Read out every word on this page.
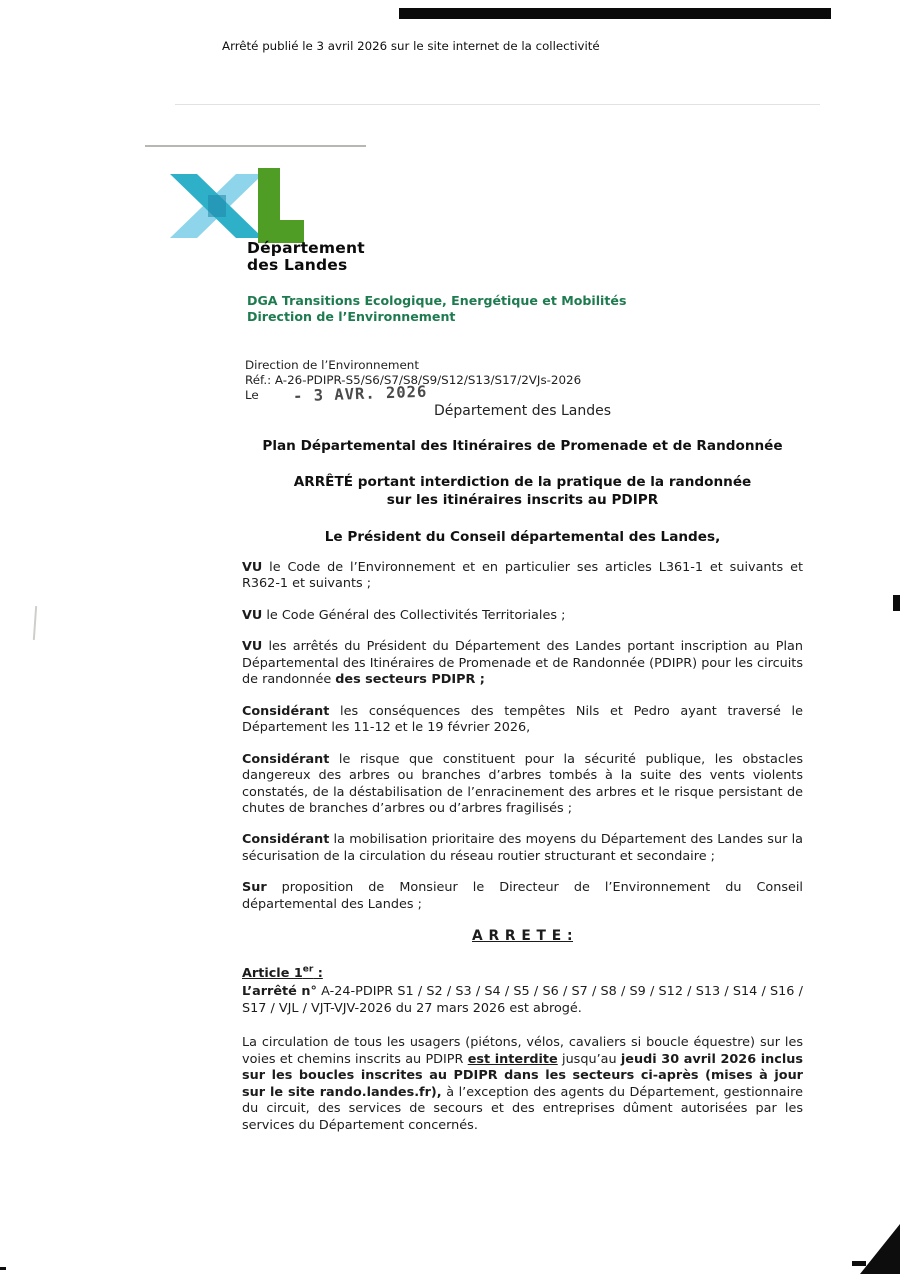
Arrêté publié le 3 avril 2026 sur le site internet de la collectivité
Département
des Landes
DGA Transitions Ecologique, Energétique et Mobilités
Direction de l’Environnement
Direction de l’Environnement
Réf.: A-26-PDIPR-S5/S6/S7/S8/S9/S12/S13/S17/2VJs-2026
Le - 3 AVR. 2026
Département des Landes
Plan Départemental des Itinéraires de Promenade et de Randonnée
ARRÊTÉ portant interdiction de la pratique de la randonnée
sur les itinéraires inscrits au PDIPR
Le Président du Conseil départemental des Landes,

VU le Code de l’Environnement et en particulier ses articles L361-1 et suivants et R362-1 et suivants ;

VU le Code Général des Collectivités Territoriales ;

VU les arrêtés du Président du Département des Landes portant inscription au Plan Départemental des Itinéraires de Promenade et de Randonnée (PDIPR) pour les circuits de randonnée des secteurs PDIPR ;

Considérant les conséquences des tempêtes Nils et Pedro ayant traversé le Département les 11-12 et le 19 février 2026,

Considérant le risque que constituent pour la sécurité publique, les obstacles dangereux des arbres ou branches d’arbres tombés à la suite des vents violents constatés, de la déstabilisation de l’enracinement des arbres et le risque persistant de chutes de branches d’arbres ou d’arbres fragilisés ;

Considérant la mobilisation prioritaire des moyens du Département des Landes sur la sécurisation de la circulation du réseau routier structurant et secondaire ;

Sur proposition de Monsieur le Directeur de l’Environnement du Conseil départemental des Landes ;

A R R E T E :

Article 1er :

L’arrêté n° A-24-PDIPR S1 / S2 / S3 / S4 / S5 / S6 / S7 / S8 / S9 / S12 / S13 / S14 / S16 / S17 / VJL / VJT-VJV-2026 du 27 mars 2026 est abrogé.

La circulation de tous les usagers (piétons, vélos, cavaliers si boucle équestre) sur les voies et chemins inscrits au PDIPR est interdite jusqu’au jeudi 30 avril 2026 inclus sur les boucles inscrites au PDIPR dans les secteurs ci-après (mises à jour sur le site rando.landes.fr), à l’exception des agents du Département, gestionnaire du circuit, des services de secours et des entreprises dûment autorisées par les services du Département concernés.
